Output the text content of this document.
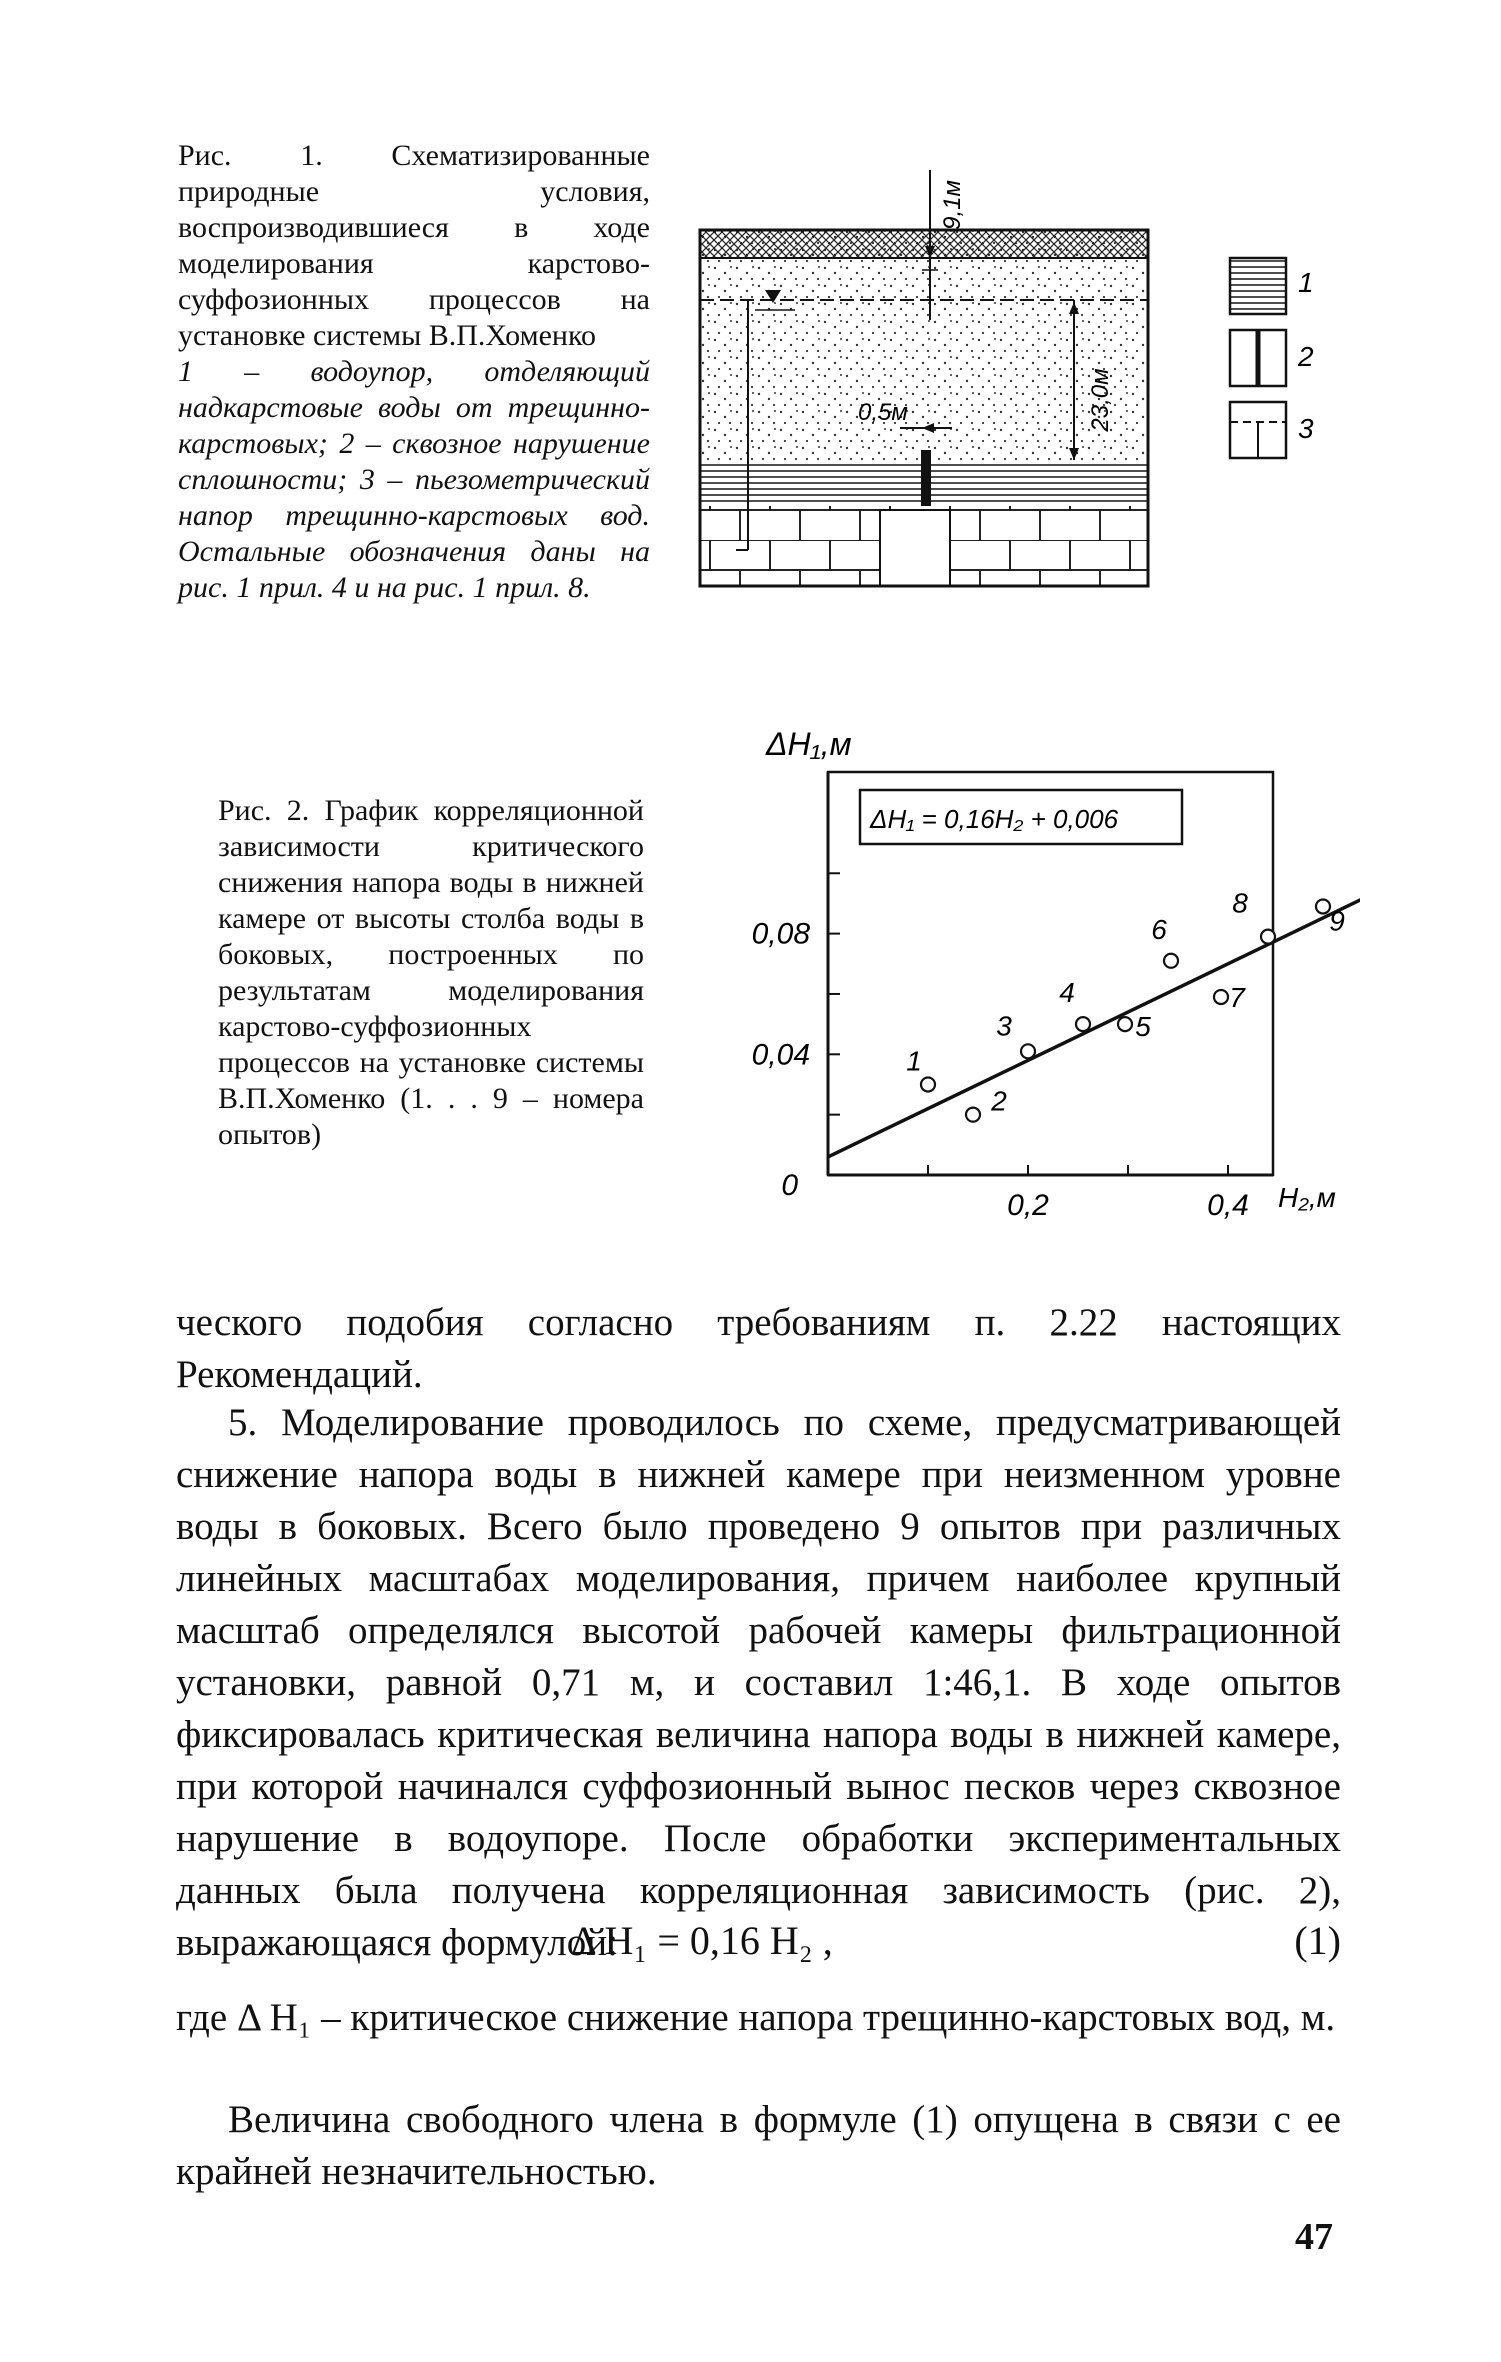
Рис. 1. Схематизированные природные условия, воспроизводившиеся в ходе моделирования карстово-суффозионных процессов на установке системы В.П.Хоменко
1 – водоупор, отделяющий надкарстовые воды от трещинно-карстовых; 2 – сквозное нарушениe сплошности; 3 – пьезометрический напор трещинно-карстовых вод. Остальные обозначения даны на рис. 1 прил. 4 и на рис. 1 прил. 8.
9,1м
23,0м
0,5м
1
2
3
Рис. 2. График корреляционной зависимости критического снижения напора воды в нижней камере от высоты столба воды в боковых, построенных по результатам моделирования карстово-суффозионных процессов на установке системы В.П.Хоменко (1. . . 9 – номера опытов)
0,2	0,4
0,04
0,08
0
ΔH₁,м
H₂,м
ΔH₁ = 0,16H₂ + 0,006
1
2
3
4
5
6
7
8
9

ческого подобия согласно требованиям п. 2.22 настоящих Рекомендаций.

5. Моделирование проводилось по схеме, предусматривающей снижение напора воды в нижней камере при неизменном уровне воды в боковых. Всего было проведено 9 опытов при различных линейных масштабах моделирования, причем наиболее крупный масштаб определялся высотой рабочей камеры фильтрационной установки, равной 0,71 м, и составил 1:46,1. В ходе опытов фиксировалась критическая величина напора воды в нижней камере, при которой начинался суффозионный вынос песков через сквозное нарушение в водоупоре. После обработки экспериментальных данных была получена корреляционная зависимость (рис. 2), выражающаяся формулой:

Δ H₁ = 0,16 H₂ ,	(1)

где Δ H₁ – критическое снижение напора трещинно-карстовых вод, м.

Величина свободного члена в формуле (1) опущена в связи с ее крайней незначительностью.

47
